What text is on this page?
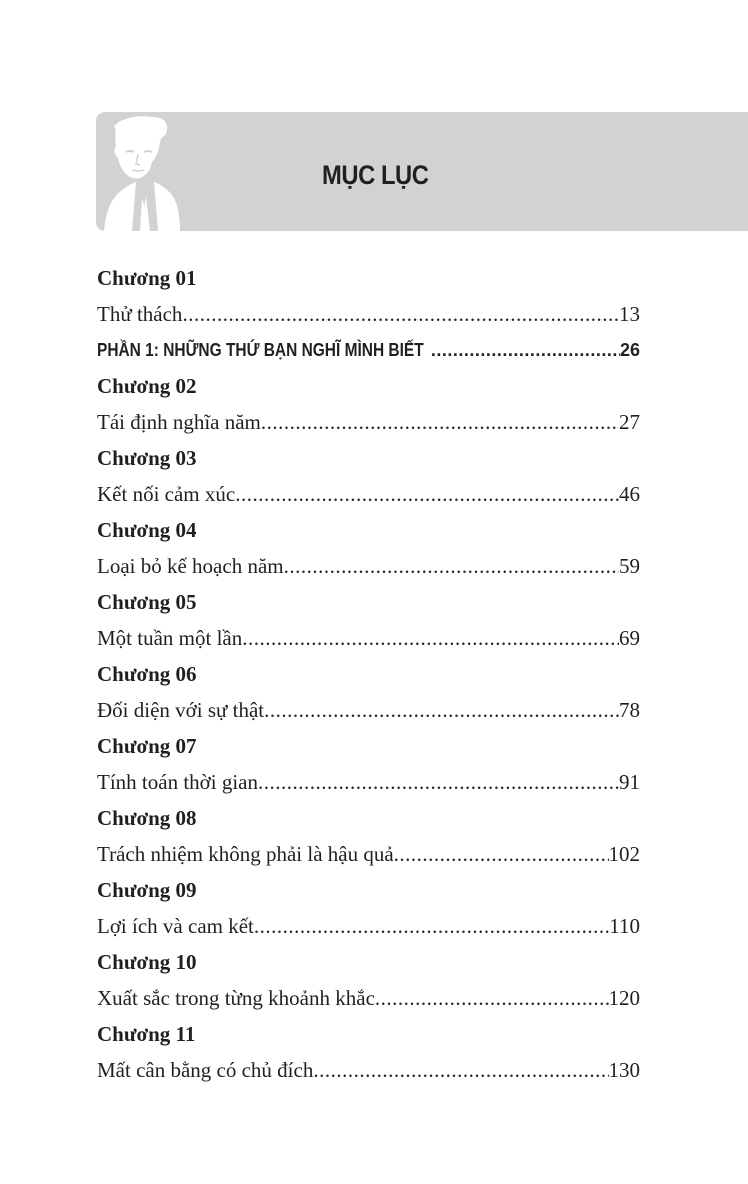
MỤC LỤC
Chương 01
Thử thách .....	13
PHẦN 1: NHỮNG THỨ BẠN NGHĨ MÌNH BIẾT .....	26
Chương 02
Tái định nghĩa năm .....	27
Chương 03
Kết nối cảm xúc .....	46
Chương 04
Loại bỏ kế hoạch năm .....	59
Chương 05
Một tuần một lần .....	69
Chương 06
Đối diện với sự thật .....	78
Chương 07
Tính toán thời gian .....	91
Chương 08
Trách nhiệm không phải là hậu quả .....	102
Chương 09
Lợi ích và cam kết .....	110
Chương 10
Xuất sắc trong từng khoảnh khắc .....	120
Chương 11
Mất cân bằng có chủ đích .....	130
